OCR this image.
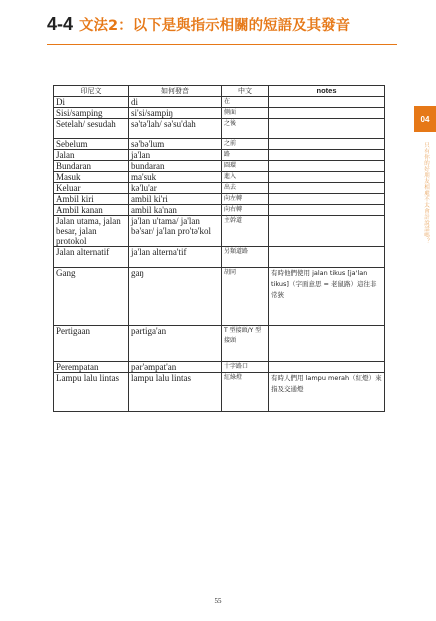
4-4 文法2：以下是與指示相關的短語及其發音
04
只有你的好朋友相處不太會計說話嗎？
印尼文	如何發音	中文	notes
Di	di	在	
Sisi/samping	si'si/sampiŋ	側面	
Setelah/ sesudah	sə'tə'lah/ sə'su'dah	之後	
Sebelum	sə'bə'lum	之前	
Jalan	ja'lan	路	
Bundaran	bundaran	圓環	
Masuk	ma'suk	進入	
Keluar	kə'lu'ar	出去	
Ambil kiri	ambil ki'ri	向左轉	
Ambil kanan	ambil ka'nan	向右轉	
Jalan utama, jalan besar, jalan protokol	ja'lan u'tama/ ja'lan bə'sar/ ja'lan pro'tə'kol	主幹道	
Jalan alternatif	ja'lan alterna'tif	另類道路	
Gang	gaŋ	胡同	有時他們使用 jalan tikus [ja'lan tikus]（字面意思 = 老鼠路）這往非常狹
Pertigaan	pərtiga'an	T 型接頭/Y 型接頭	
Perempatan	pər'əmpat'an	十字路口	
Lampu lalu lintas	lampu lalu lintas	紅綠燈	有時人們用 lampu merah（紅燈）來指及交通燈
55
